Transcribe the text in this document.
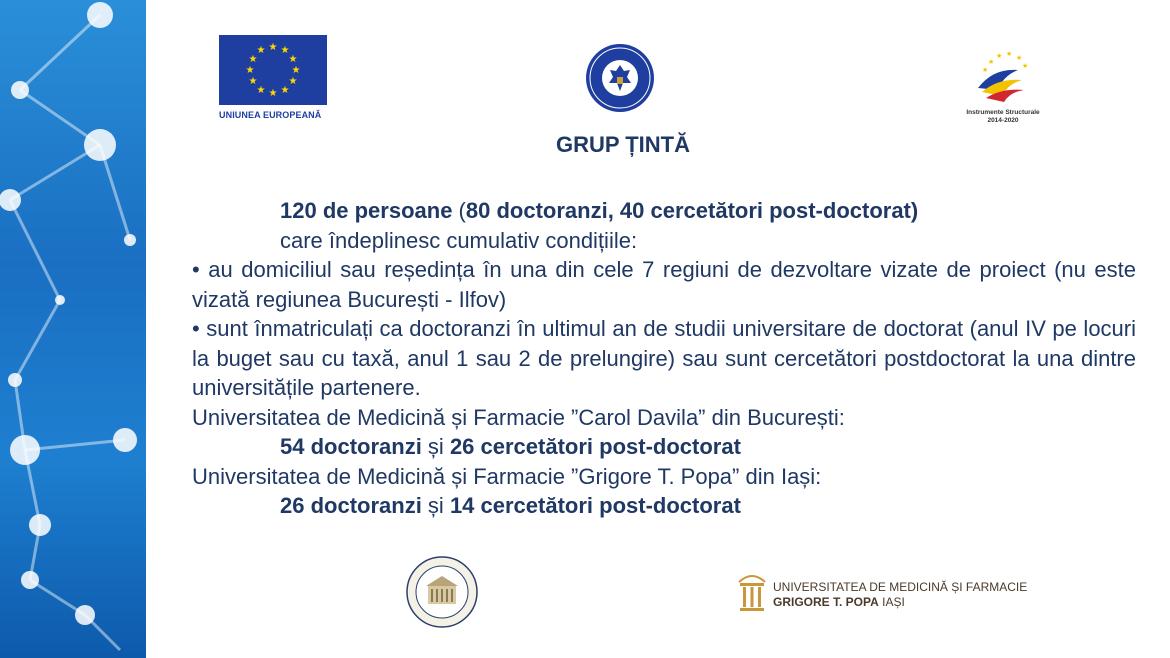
★ ★
★
★
★
★
★
★
★
★
★
★
UNIUNEA EUROPEANĂ
★ ★ ★
★
★
★
Instrumente Structurale
2014-2020
GRUP ȚINTĂ

120 de persoane (80 doctoranzi, 40 cercetători post-doctorat)

care îndeplinesc cumulativ condițiile:

• au domiciliul sau reședința în una din cele 7 regiuni de dezvoltare vizate de proiect (nu este vizată regiunea București - Ilfov)

• sunt înmatriculați ca doctoranzi în ultimul an de studii universitare de doctorat (anul IV pe locuri la buget sau cu taxă, anul 1 sau 2 de prelungire) sau sunt cercetători postdoctorat la una dintre universitățile partenere.

Universitatea de Medicină și Farmacie ”Carol Davila” din București:

54 doctoranzi și 26 cercetători post-doctorat

Universitatea de Medicină și Farmacie ”Grigore T. Popa” din Iași:

26 doctoranzi și 14 cercetători post-doctorat

UNIVERSITATEA DE MEDICINĂ ȘI FARMACIE
GRIGORE T. POPA IAȘI
